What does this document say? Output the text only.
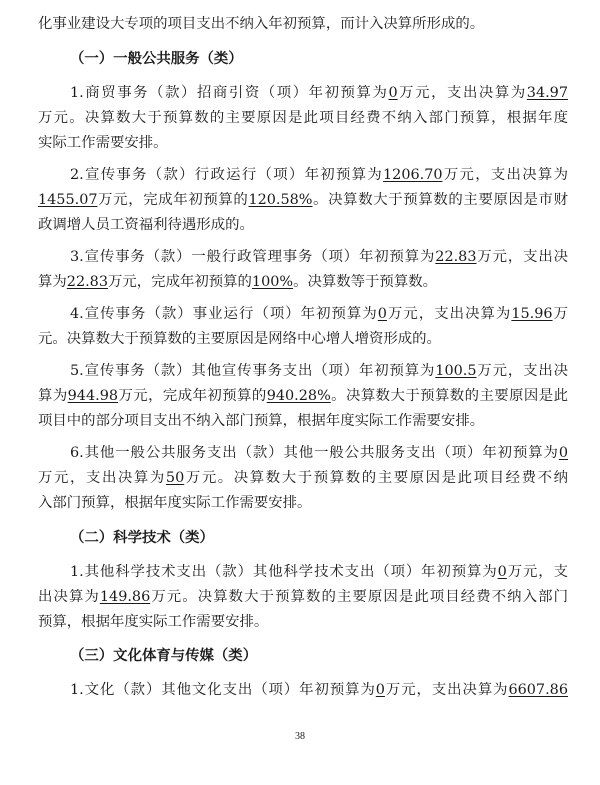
化事业建设大专项的项目支出不纳入年初预算，而计入决算所形成的。
（一）一般公共服务（类）
1.商贸事务（款）招商引资（项）年初预算为0万元，支出决算为34.97
万元。决算数大于预算数的主要原因是此项目经费不纳入部门预算，根据年度
实际工作需要安排。
2.宣传事务（款）行政运行（项）年初预算为1206.70万元，支出决算为
1455.07万元，完成年初预算的120.58%。决算数大于预算数的主要原因是市财
政调增人员工资福利待遇形成的。
3.宣传事务（款）一般行政管理事务（项）年初预算为22.83万元，支出决
算为22.83万元，完成年初预算的100%。决算数等于预算数。
4.宣传事务（款）事业运行（项）年初预算为0万元，支出决算为15.96万
元。决算数大于预算数的主要原因是网络中心增人增资形成的。
5.宣传事务（款）其他宣传事务支出（项）年初预算为100.5万元，支出决
算为944.98万元，完成年初预算的940.28%。决算数大于预算数的主要原因是此
项目中的部分项目支出不纳入部门预算，根据年度实际工作需要安排。
6.其他一般公共服务支出（款）其他一般公共服务支出（项）年初预算为0
万元，支出决算为50万元。决算数大于预算数的主要原因是此项目经费不纳
入部门预算，根据年度实际工作需要安排。
（二）科学技术（类）
1.其他科学技术支出（款）其他科学技术支出（项）年初预算为0万元，支
出决算为149.86万元。决算数大于预算数的主要原因是此项目经费不纳入部门
预算，根据年度实际工作需要安排。
（三）文化体育与传媒（类）
1.文化（款）其他文化支出（项）年初预算为0万元，支出决算为6607.86
38
